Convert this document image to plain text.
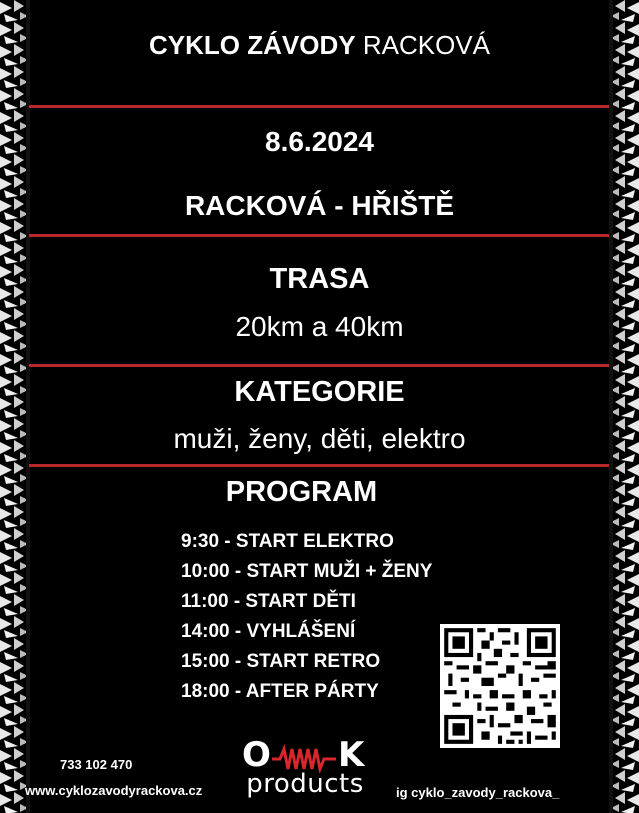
CYKLO ZÁVODY RACKOVÁ
8.6.2024
RACKOVÁ - HŘIŠTĚ
TRASA
20km a 40km
KATEGORIE
muži, ženy, děti, elektro
PROGRAM
9:30 - START ELEKTRO
10:00 - START MUŽI + ŽENY
11:00 - START DĚTI
14:00 - VYHLÁŠENÍ
15:00 - START RETRO
18:00 - AFTER PÁRTY
O K
products
733 102 470
www.cyklozavodyrackova.cz	ig cyklo_zavody_rackova_
